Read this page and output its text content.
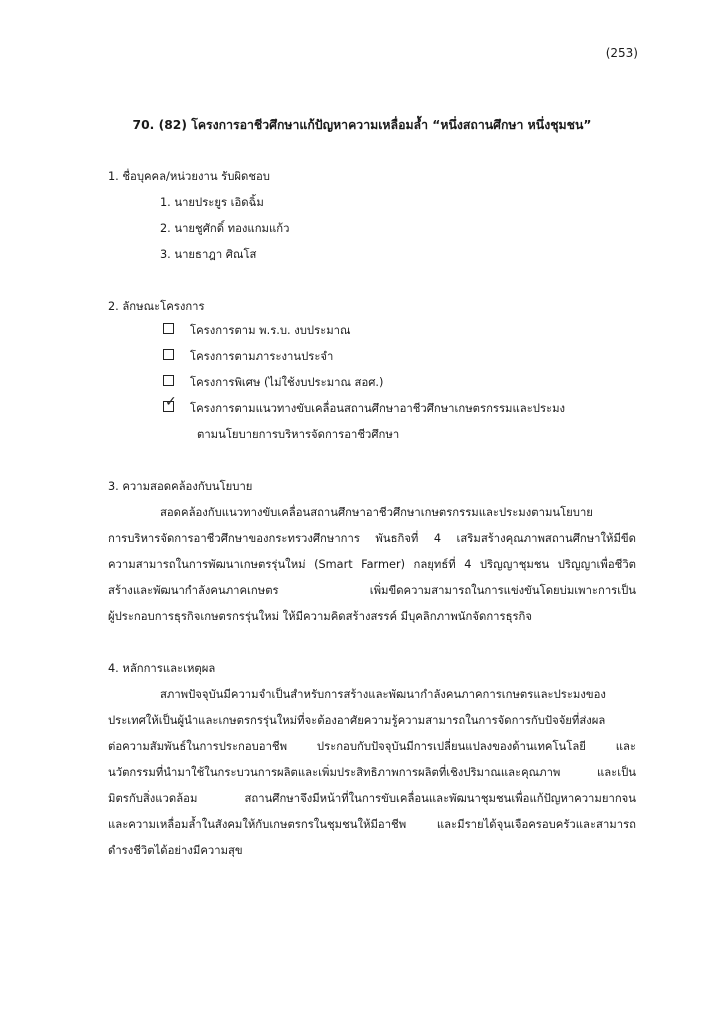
(253)
70. (82) โครงการอาชีวศึกษาแก้ปัญหาความเหลื่อมล้ำ “หนึ่งสถานศึกษา หนึ่งชุมชน”
1. ชื่อบุคคล/หน่วยงาน รับผิดชอบ
1. นายประยูร เอิดฉิ้ม
2. นายชูศักดิ์ ทองแกมแก้ว
3. นายธาฎา ศิณโส
2. ลักษณะโครงการ
โครงการตาม พ.ร.บ. งบประมาณ
โครงการตามภาระงานประจำ
โครงการพิเศษ (ไม่ใช้งบประมาณ สอศ.)
✓ โครงการตามแนวทางขับเคลื่อนสถานศึกษาอาชีวศึกษาเกษตรกรรมและประมง
ตามนโยบายการบริหารจัดการอาชีวศึกษา
3. ความสอดคล้องกับนโยบาย
สอดคล้องกับแนวทางขับเคลื่อนสถานศึกษาอาชีวศึกษาเกษตรกรรมและประมงตามนโยบาย
การบริหารจัดการอาชีวศึกษาของกระทรวงศึกษาการ พันธกิจที่ 4 เสริมสร้างคุณภาพสถานศึกษาให้มีขีด
ความสามารถในการพัฒนาเกษตรรุ่นใหม่ (Smart Farmer) กลยุทธ์ที่ 4 ปริญญาชุมชน ปริญญาเพื่อชีวิต
สร้างและพัฒนากำลังคนภาคเกษตร เพิ่มขีดความสามารถในการแข่งขันโดยบ่มเพาะการเป็น
ผู้ประกอบการธุรกิจเกษตรกรรุ่นใหม่ ให้มีความคิดสร้างสรรค์ มีบุคลิกภาพนักจัดการธุรกิจ
4. หลักการและเหตุผล
สภาพปัจจุบันมีความจำเป็นสำหรับการสร้างและพัฒนากำลังคนภาคการเกษตรและประมงของ
ประเทศให้เป็นผู้นำและเกษตรกรรุ่นใหม่ที่จะต้องอาศัยความรู้ความสามารถในการจัดการกับปัจจัยที่ส่งผล
ต่อความสัมพันธ์ในการประกอบอาชีพ ประกอบกับปัจจุบันมีการเปลี่ยนแปลงของด้านเทคโนโลยี และ
นวัตกรรมที่นำมาใช้ในกระบวนการผลิตและเพิ่มประสิทธิภาพการผลิตที่เชิงปริมาณและคุณภาพ และเป็น
มิตรกับสิ่งแวดล้อม สถานศึกษาจึงมีหน้าที่ในการขับเคลื่อนและพัฒนาชุมชนเพื่อแก้ปัญหาความยากจน
และความเหลื่อมล้ำในสังคมให้กับเกษตรกรในชุมชนให้มีอาชีพ และมีรายได้จุนเจือครอบครัวและสามารถ
ดำรงชีวิตได้อย่างมีความสุข
